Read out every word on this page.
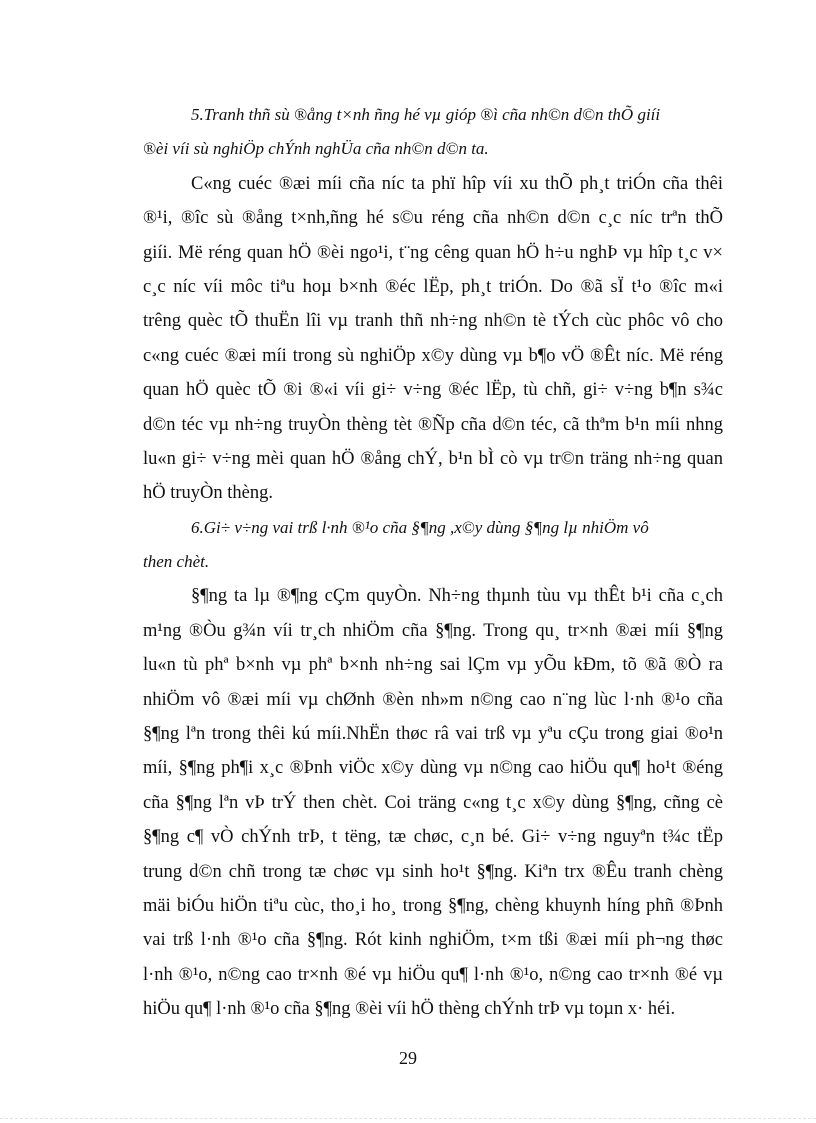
5.Tranh thñ sù ®ång t×nh ñng hé vµ gióp ®ì cña nh©n d©n thÕ giíi
®èi víi sù nghiÖp chÝnh nghÜa cña nh©n d©n ta.
C«ng cuéc ®æi míi cña níc ta phï hîp víi xu thÕ ph¸t triÓn cña thêi
®¹i, ®îc sù ®ång t×nh,ñng hé s©u réng cña nh©n d©n c¸c níc trªn thÕ
giíi. Më réng quan hÖ ®èi ngo¹i, t¨ng cêng quan hÖ h÷u nghÞ vµ hîp t¸c v×
c¸c níc víi môc tiªu hoµ b×nh ®éc lËp, ph¸t triÓn. Do ®ã sÏ t¹o ®îc m«i
trêng quèc tÕ thuËn lîi vµ tranh thñ nh÷ng nh©n tè tÝch cùc phôc vô cho
c«ng cuéc ®æi míi trong sù nghiÖp x©y dùng vµ b¶o vÖ ®Êt níc. Më réng
quan hÖ quèc tÕ ®i ®«i víi gi÷ v÷ng ®éc lËp, tù chñ, gi÷ v÷ng b¶n s¾c
d©n téc vµ nh÷ng truyÒn thèng tèt ®Ñp cña d©n téc, cã thªm b¹n míi nhng
lu«n gi÷ v÷ng mèi quan hÖ ®ång chÝ, b¹n bÌ cò vµ tr©n träng nh÷ng quan
hÖ truyÒn thèng.
6.Gi÷ v÷ng vai trß l·nh ®¹o cña §¶ng ,x©y dùng §¶ng lµ nhiÖm vô
then chèt.
§¶ng ta lµ ®¶ng cÇm quyÒn. Nh÷ng thµnh tùu vµ thÊt b¹i cña c¸ch
m¹ng ®Òu g¾n víi tr¸ch nhiÖm cña §¶ng. Trong qu¸ tr×nh ®æi míi §¶ng
lu«n tù phª b×nh vµ phª b×nh nh÷ng sai lÇm vµ yÕu kÐm, tõ ®ã ®Ò ra
nhiÖm vô ®æi míi vµ chØnh ®èn nh»m n©ng cao n¨ng lùc l·nh ®¹o cña
§¶ng lªn trong thêi kú míi.NhËn thøc râ vai trß vµ yªu cÇu trong giai ®o¹n
míi, §¶ng ph¶i x¸c ®Þnh viÖc x©y dùng vµ n©ng cao hiÖu qu¶ ho¹t ®éng
cña §¶ng lªn vÞ trÝ then chèt. Coi träng c«ng t¸c x©y dùng §¶ng, cñng cè
§¶ng c¶ vÒ chÝnh trÞ, t tëng, tæ chøc, c¸n bé. Gi÷ v÷ng nguyªn t¾c tËp
trung d©n chñ trong tæ chøc vµ sinh ho¹t §¶ng. Kiªn trx ®Êu tranh chèng
mäi biÓu hiÖn tiªu cùc, tho¸i ho¸ trong §¶ng, chèng khuynh híng phñ ®Þnh
vai trß l·nh ®¹o cña §¶ng. Rót kinh nghiÖm, t×m tßi ®æi míi ph¬ng thøc
l·nh ®¹o, n©ng cao tr×nh ®é vµ hiÖu qu¶ l·nh ®¹o, n©ng cao tr×nh ®é vµ
hiÖu qu¶ l·nh ®¹o cña §¶ng ®èi víi hÖ thèng chÝnh trÞ vµ toµn x· héi.
29
